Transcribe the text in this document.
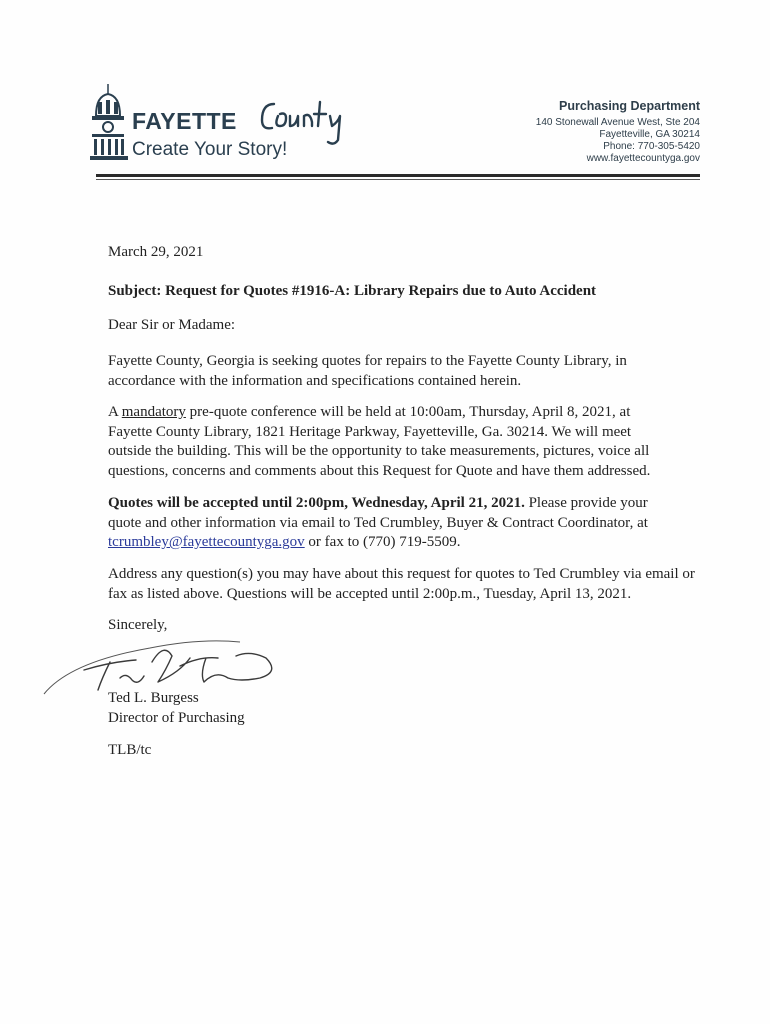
FAYETTE
Create Your Story!
Purchasing Department
140 Stonewall Avenue West, Ste 204
Fayetteville, GA 30214
Phone: 770-305-5420
www.fayettecountyga.gov
March 29, 2021
Subject: Request for Quotes #1916-A: Library Repairs due to Auto Accident
Dear Sir or Madame:
Fayette County, Georgia is seeking quotes for repairs to the Fayette County Library, in
accordance with the information and specifications contained herein.
A mandatory pre-quote conference will be held at 10:00am, Thursday, April 8, 2021, at
Fayette County Library, 1821 Heritage Parkway, Fayetteville, Ga. 30214. We will meet
outside the building. This will be the opportunity to take measurements, pictures, voice all
questions, concerns and comments about this Request for Quote and have them addressed.
Quotes will be accepted until 2:00pm, Wednesday, April 21, 2021. Please provide your
quote and other information via email to Ted Crumbley, Buyer & Contract Coordinator, at
tcrumbley@fayettecountyga.gov or fax to (770) 719-5509.
Address any question(s) you may have about this request for quotes to Ted Crumbley via email or
fax as listed above. Questions will be accepted until 2:00p.m., Tuesday, April 13, 2021.
Sincerely,
Ted L. Burgess
Director of Purchasing
TLB/tc
